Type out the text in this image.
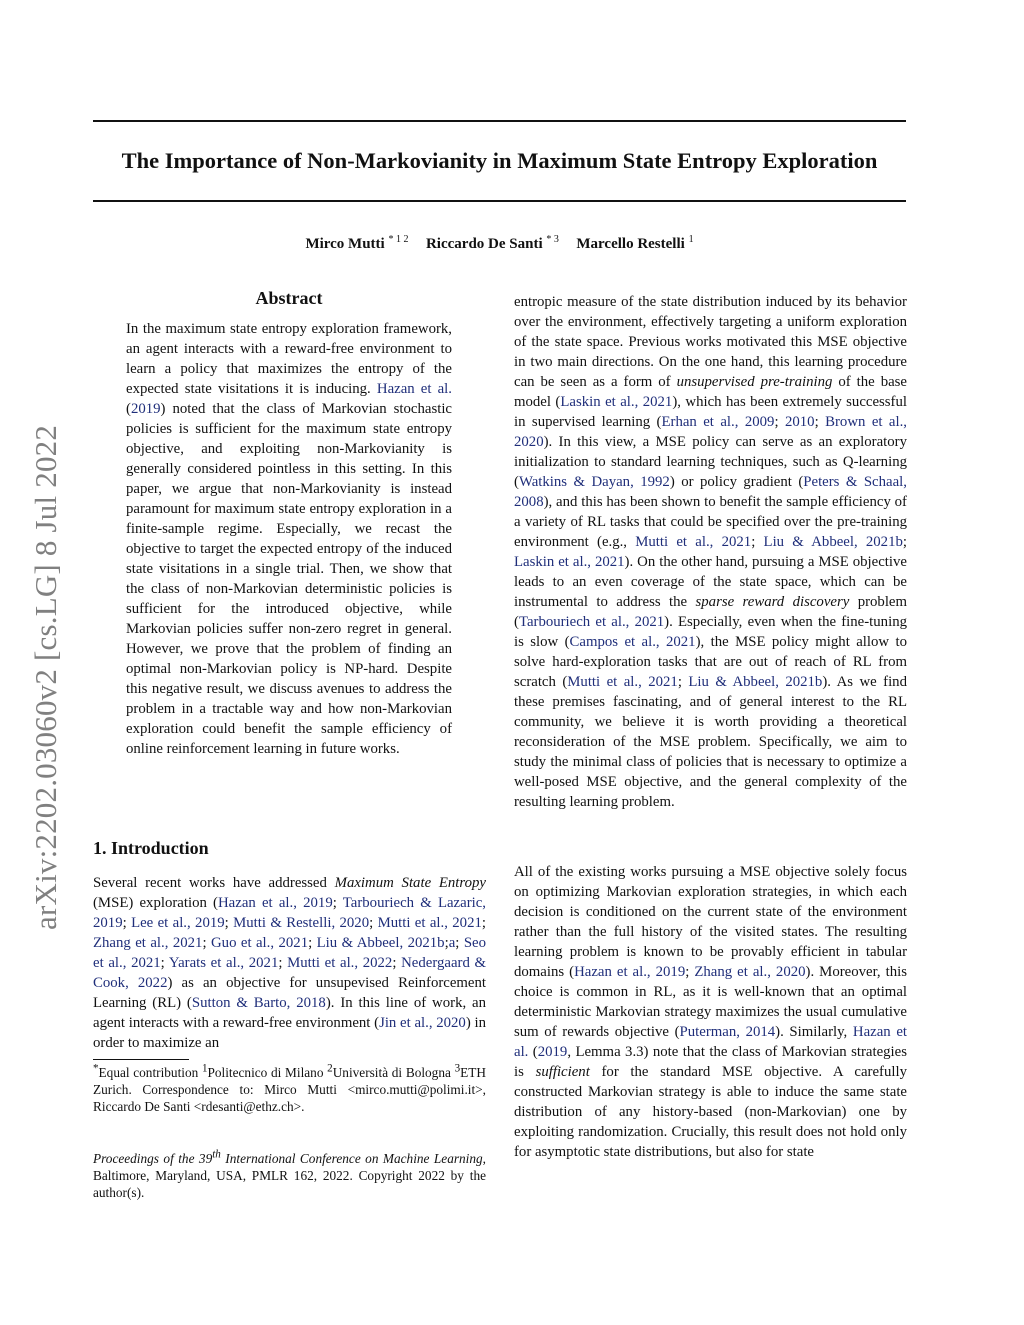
The Importance of Non-Markovianity in Maximum State Entropy Exploration
Mirco Mutti $^{* 1 2}$ Riccardo De Santi $^{* 3}$ Marcello Restelli $^1$
arXiv:2202.03060v2 [cs.LG] 8 Jul 2022
Abstract

In the maximum state entropy exploration framework, an agent interacts with a reward-free environment to learn a policy that maximizes the entropy of the expected state visitations it is inducing. Hazan et al. (2019) noted that the class of Markovian stochastic policies is sufficient for the maximum state entropy objective, and exploiting non-Markovianity is generally considered pointless in this setting. In this paper, we argue that non-Markovianity is instead paramount for maximum state entropy exploration in a finite-sample regime. Especially, we recast the objective to target the expected entropy of the induced state visitations in a single trial. Then, we show that the class of non-Markovian deterministic policies is sufficient for the introduced objective, while Markovian policies suffer non-zero regret in general. However, we prove that the problem of finding an optimal non-Markovian policy is NP-hard. Despite this negative result, we discuss avenues to address the problem in a tractable way and how non-Markovian exploration could benefit the sample efficiency of online reinforcement learning in future works.

1. Introduction

Several recent works have addressed Maximum State Entropy (MSE) exploration (Hazan et al., 2019; Tarbouriech & Lazaric, 2019; Lee et al., 2019; Mutti & Restelli, 2020; Mutti et al., 2021; Zhang et al., 2021; Guo et al., 2021; Liu & Abbeel, 2021b;a; Seo et al., 2021; Yarats et al., 2021; Mutti et al., 2022; Nedergaard & Cook, 2022) as an objective for unsupevised Reinforcement Learning (RL) (Sutton & Barto, 2018). In this line of work, an agent interacts with a reward-free environment (Jin et al., 2020) in order to maximize an

*Equal contribution $^1$Politecnico di Milano $^2$Università di Bologna $^3$ETH Zurich. Correspondence to: Mirco Mutti <mirco.mutti@polimi.it>, Riccardo De Santi <rdesanti@ethz.ch>.

Proceedings of the 39th International Conference on Machine Learning, Baltimore, Maryland, USA, PMLR 162, 2022. Copyright 2022 by the author(s).

entropic measure of the state distribution induced by its behavior over the environment, effectively targeting a uniform exploration of the state space. Previous works motivated this MSE objective in two main directions. On the one hand, this learning procedure can be seen as a form of unsupervised pre-training of the base model (Laskin et al., 2021), which has been extremely successful in supervised learning (Erhan et al., 2009; 2010; Brown et al., 2020). In this view, a MSE policy can serve as an exploratory initialization to standard learning techniques, such as Q-learning (Watkins & Dayan, 1992) or policy gradient (Peters & Schaal, 2008), and this has been shown to benefit the sample efficiency of a variety of RL tasks that could be specified over the pre-training environment (e.g., Mutti et al., 2021; Liu & Abbeel, 2021b; Laskin et al., 2021). On the other hand, pursuing a MSE objective leads to an even coverage of the state space, which can be instrumental to address the sparse reward discovery problem (Tarbouriech et al., 2021). Especially, even when the fine-tuning is slow (Campos et al., 2021), the MSE policy might allow to solve hard-exploration tasks that are out of reach of RL from scratch (Mutti et al., 2021; Liu & Abbeel, 2021b). As we find these premises fascinating, and of general interest to the RL community, we believe it is worth providing a theoretical reconsideration of the MSE problem. Specifically, we aim to study the minimal class of policies that is necessary to optimize a well-posed MSE objective, and the general complexity of the resulting learning problem.

All of the existing works pursuing a MSE objective solely focus on optimizing Markovian exploration strategies, in which each decision is conditioned on the current state of the environment rather than the full history of the visited states. The resulting learning problem is known to be provably efficient in tabular domains (Hazan et al., 2019; Zhang et al., 2020). Moreover, this choice is common in RL, as it is well-known that an optimal deterministic Markovian strategy maximizes the usual cumulative sum of rewards objective (Puterman, 2014). Similarly, Hazan et al. (2019, Lemma 3.3) note that the class of Markovian strategies is sufficient for the standard MSE objective. A carefully constructed Markovian strategy is able to induce the same state distribution of any history-based (non-Markovian) one by exploiting randomization. Crucially, this result does not hold only for asymptotic state distributions, but also for state
